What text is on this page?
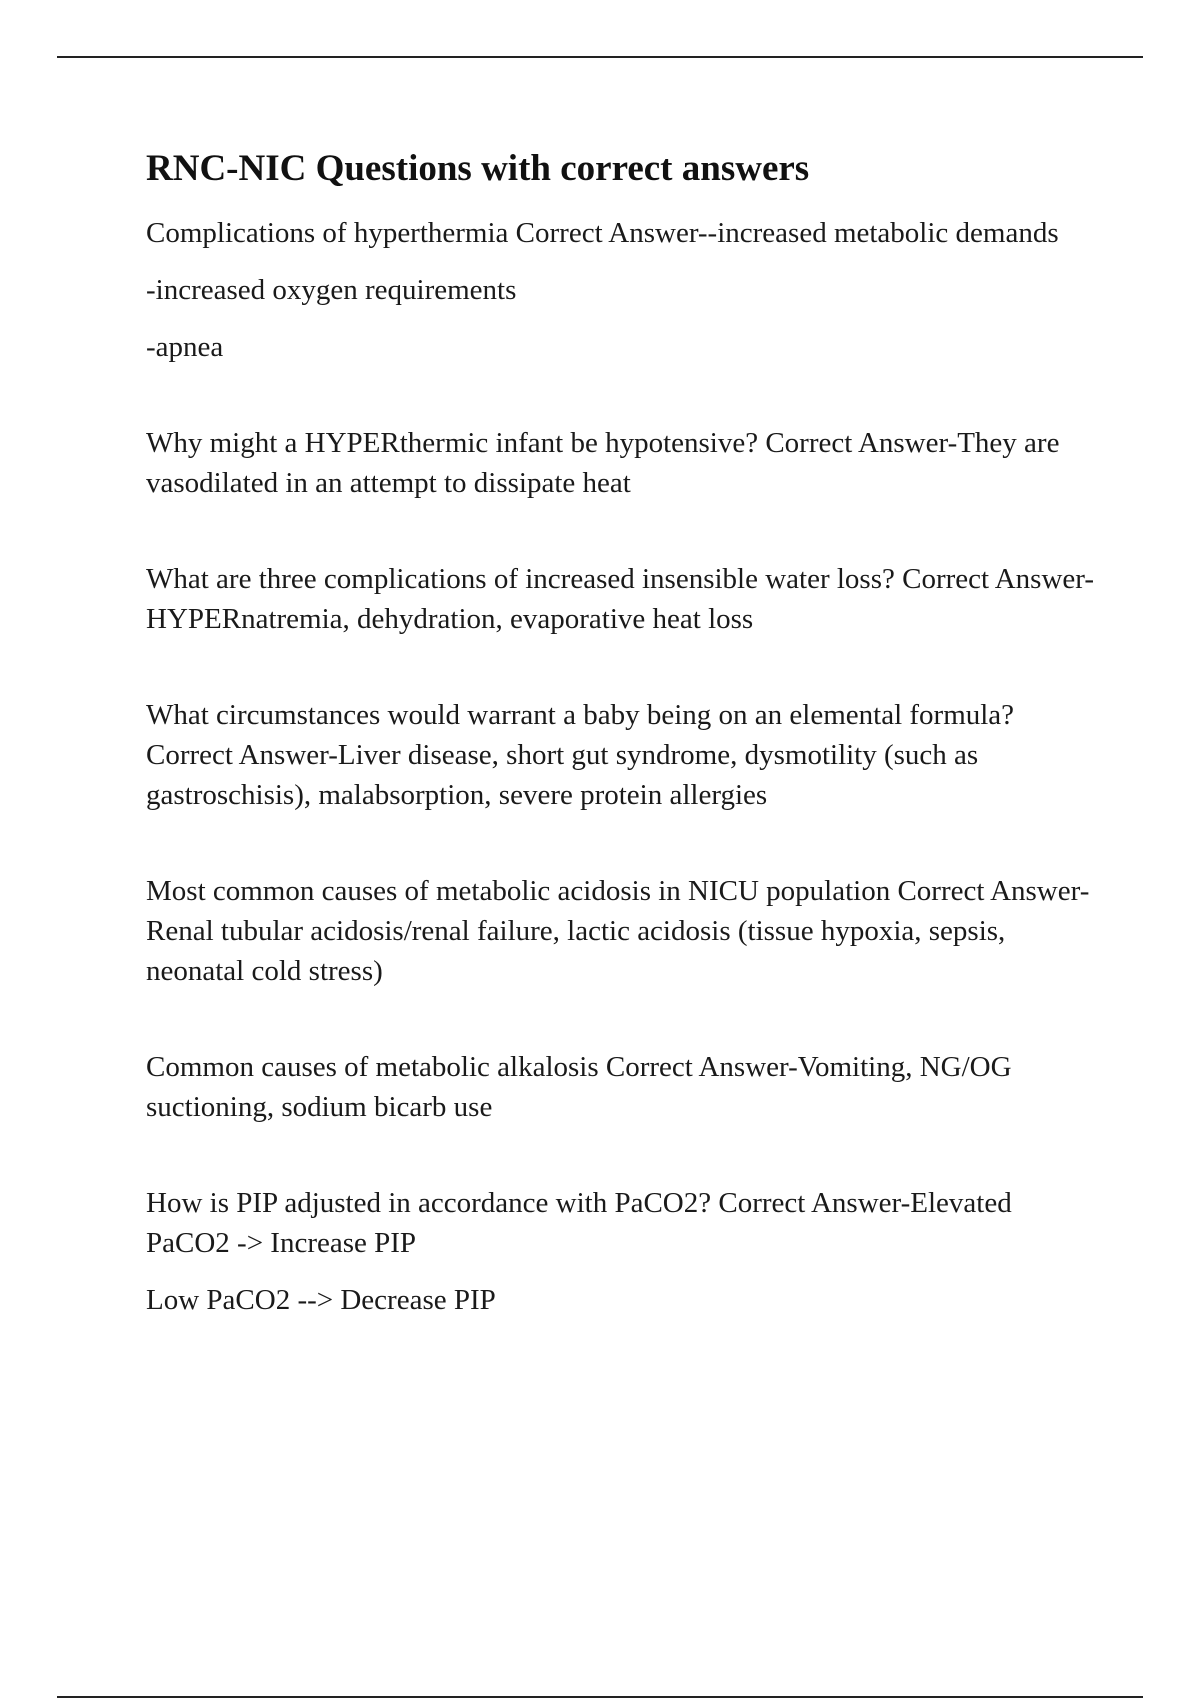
RNC-NIC Questions with correct answers

Complications of hyperthermia Correct Answer--increased metabolic demands

-increased oxygen requirements

-apnea

Why might a HYPERthermic infant be hypotensive? Correct Answer-They are vasodilated in an attempt to dissipate heat

What are three complications of increased insensible water loss? Correct Answer-HYPERnatremia, dehydration, evaporative heat loss

What circumstances would warrant a baby being on an elemental formula? Correct Answer-Liver disease, short gut syndrome, dysmotility (such as gastroschisis), malabsorption, severe protein allergies

Most common causes of metabolic acidosis in NICU population Correct Answer-Renal tubular acidosis/renal failure, lactic acidosis (tissue hypoxia, sepsis, neonatal cold stress)

Common causes of metabolic alkalosis Correct Answer-Vomiting, NG/OG suctioning, sodium bicarb use

How is PIP adjusted in accordance with PaCO2? Correct Answer-Elevated PaCO2 -> Increase PIP

Low PaCO2 --> Decrease PIP
